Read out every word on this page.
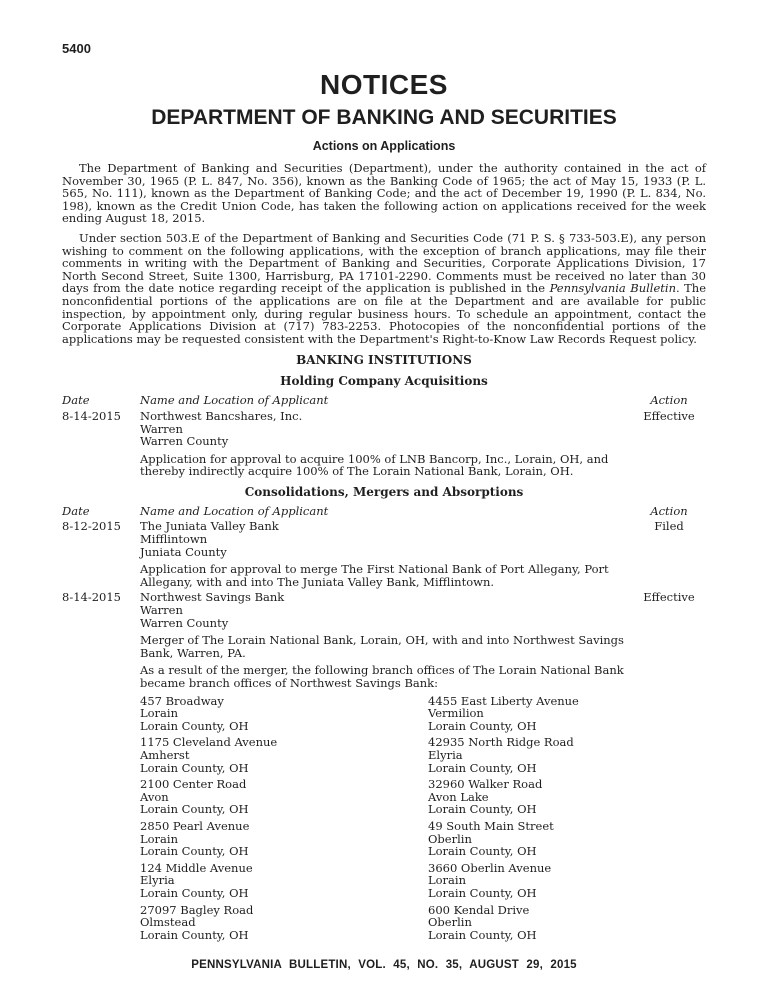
5400
NOTICES
DEPARTMENT OF BANKING AND SECURITIES
Actions on Applications

The Department of Banking and Securities (Department), under the authority contained in the act of November 30, 1965 (P. L. 847, No. 356), known as the Banking Code of 1965; the act of May 15, 1933 (P. L. 565, No. 111), known as the Department of Banking Code; and the act of December 19, 1990 (P. L. 834, No. 198), known as the Credit Union Code, has taken the following action on applications received for the week ending August 18, 2015.

Under section 503.E of the Department of Banking and Securities Code (71 P. S. § 733-503.E), any person wishing to comment on the following applications, with the exception of branch applications, may file their comments in writing with the Department of Banking and Securities, Corporate Applications Division, 17 North Second Street, Suite 1300, Harrisburg, PA 17101-2290. Comments must be received no later than 30 days from the date notice regarding receipt of the application is published in the Pennsylvania Bulletin. The nonconfidential portions of the applications are on file at the Department and are available for public inspection, by appointment only, during regular business hours. To schedule an appointment, contact the Corporate Applications Division at (717) 783-2253. Photocopies of the nonconfidential portions of the applications may be requested consistent with the Department's Right-to-Know Law Records Request policy.

BANKING INSTITUTIONS
Holding Company Acquisitions
Date	Name and Location of Applicant	Action
8-14-2015	Northwest Bancshares, Inc.
Warren
Warren County
Effective

Application for approval to acquire 100% of LNB Bancorp, Inc., Lorain, OH, and thereby indirectly acquire 100% of The Lorain National Bank, Lorain, OH.

Consolidations, Mergers and Absorptions
Date	Name and Location of Applicant	Action
8-12-2015	The Juniata Valley Bank
Mifflintown
Juniata County
Filed

Application for approval to merge The First National Bank of Port Allegany, Port Allegany, with and into The Juniata Valley Bank, Mifflintown.

8-14-2015	Northwest Savings Bank
Warren
Warren County
Effective

Merger of The Lorain National Bank, Lorain, OH, with and into Northwest Savings Bank, Warren, PA.

As a result of the merger, the following branch offices of The Lorain National Bank became branch offices of Northwest Savings Bank:

457 Broadway
Lorain
Lorain County, OH

1175 Cleveland Avenue
Amherst
Lorain County, OH

2100 Center Road
Avon
Lorain County, OH

2850 Pearl Avenue
Lorain
Lorain County, OH

124 Middle Avenue
Elyria
Lorain County, OH

27097 Bagley Road
Olmstead
Lorain County, OH

4455 East Liberty Avenue
Vermilion
Lorain County, OH

42935 North Ridge Road
Elyria
Lorain County, OH

32960 Walker Road
Avon Lake
Lorain County, OH

49 South Main Street
Oberlin
Lorain County, OH

3660 Oberlin Avenue
Lorain
Lorain County, OH

600 Kendal Drive
Oberlin
Lorain County, OH

PENNSYLVANIA BULLETIN, VOL. 45, NO. 35, AUGUST 29, 2015
